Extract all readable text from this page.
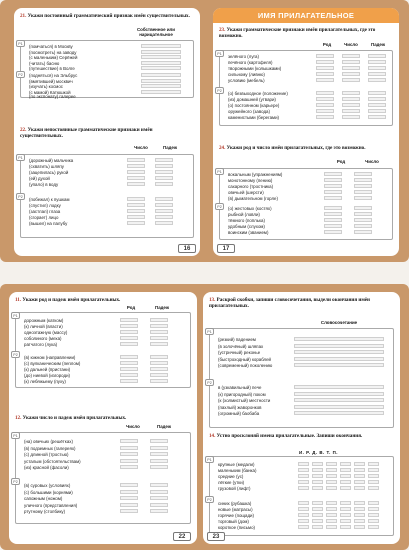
21. Укажи постоянный грамматический признак имён существительных.
Собственное или нарицательное
Р1	(помчаться) в Москву
(посмотреть) на заводу
(с маленьким) Серёжей
(читать) басню
(путешествие) в Волге
Р2	(подняться) на Эльбрус
(вмятившей) москвич
(изучать) космос
(с мамой) Катюшкой
(по экспонату) галерее
22. Укажи непостоянные грамматические признаки имён существительных.
Число	Падеж
Р1	(дорожный) мальчика
(схватить) шляпу
(зацепилась) рукой
(ей) духой
(упало) в воду
Р2	(побежал) к пушкам
(спустил) лодку
(застлал) глаза
(сгорает) лицо
(вышел) на палубу
16
ИМЯ ПРИЛАГАТЕЛЬНОЕ
23. Укажи грамматические признаки имён прилагательных, где это возможно.
Род	Число	Падеж
Р1	зелёного (луга)
печёного (картофеля)
творожными (колышками)
сильному (ливню)
условию (мебель)
Р2	(о) безвыходное (положение)
(из) домашней (утвари)
(о) постоянном (карьере)
оружейного (завода)
каменистыми (берегами)
24. Укажи род и число имён прилагательных, где это возможно.
Род	Число
Р1	вокальным (упражнениям)
монотонному (пению)
сахарного (тростника)
овечьей (шерсти)
(в) дымательном (горле)
Р2	(о) жестовых (костях)
рыбной (ловли)
тёмного (поплька)
удобным (слухом)
воинским (званием)
17
11. Укажи род и падеж имён прилагательных.
Род	Падеж
Р1
дорожным (катком)
(к) личной (власти)
одноэтажную (массу)
соболиного (меха)
ратчатого (лука)
Р2	(в) южном (направлении)
(с) вулканическим (пеплом)
(к) дальней (пристани)
(до) ниевой (изгороди)
(к) лебяжьему (пуху)
12. Укажи число и падеж имён прилагательных.
Число	Падеж
Р1
(на) овечьих (решётках)
(в) подземных (галереях)
(с) длинной (тростью)
усталым (обстоятельствам)
(из) красной (фасоли)
Р2
(в) суровых (условиях)
(с) большими (корнями)
сапожным (ножом)
уличного (представления)
ртутному (столбику)
22
13. Раскрой скобки, запиши словосочетания, выдели окончания имён прилагательных.
Словосочетание
Р1
(резкий) падением
(в золочёный) шляпах
(устричный) реконье
(быстроходный) кораблей
(современный) поколению
Р2
в (узкавильный) пече
(к) пригородный) поком
(к (холмистый) местности
(пахлый) жаворонков
(огромный) баобаба
14. Устно просклоняй имена прилагательные. Запиши окончания.
И. Р. Д. В. Т. П.
Р1
крупные (медали)
маленьким (банка)
средние (ус)
лёгкие (утки)
грузовой (лифт)
Р2
синих (рубашка)
новые (матрасы)
горячие (пощади)
торговый (дом)
короткое (письмо)
23
